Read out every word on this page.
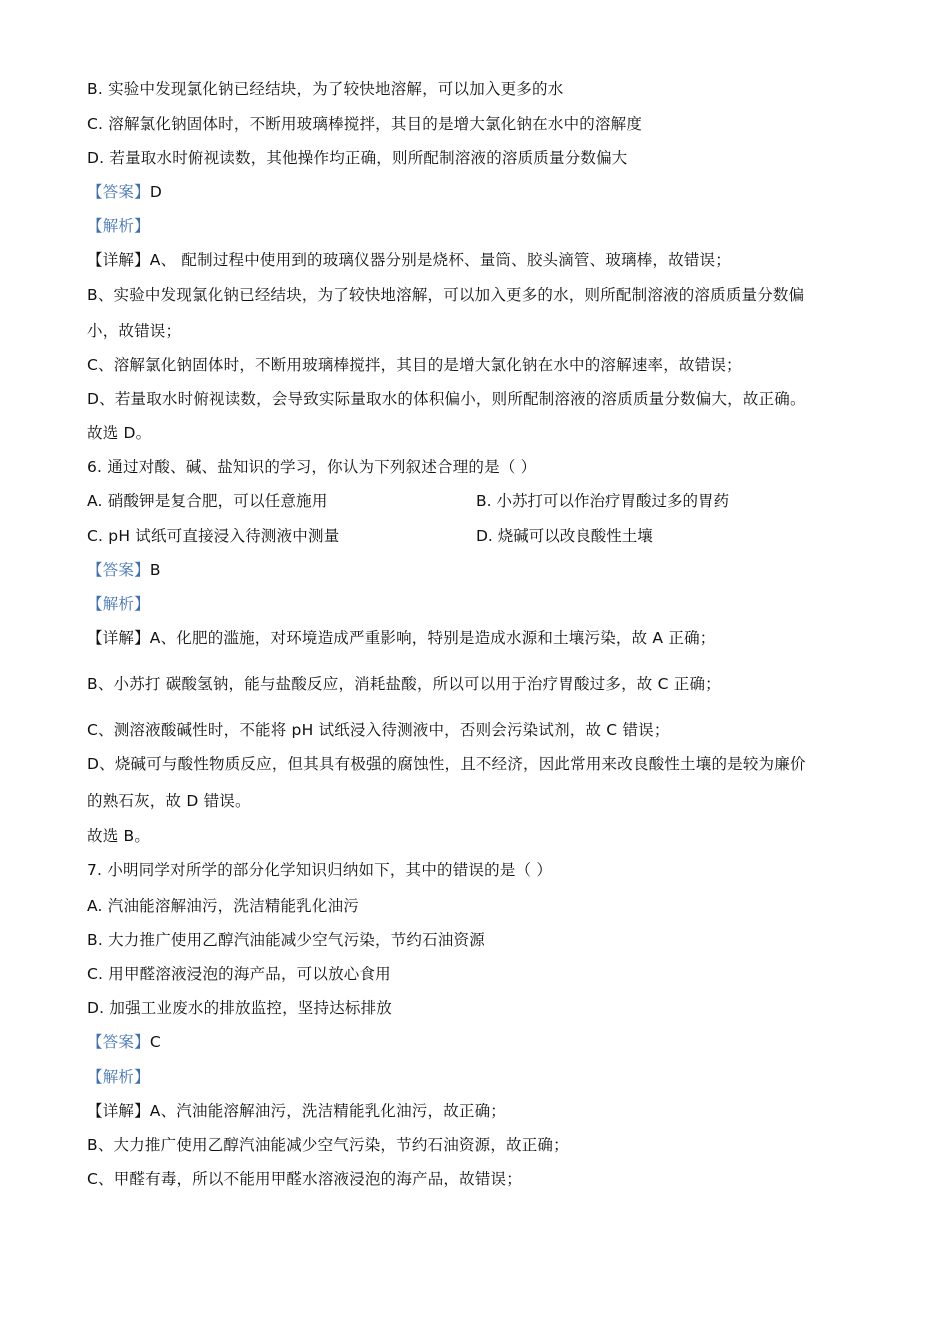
B. 实验中发现氯化钠已经结块，为了较快地溶解，可以加入更多的水
C. 溶解氯化钠固体时，不断用玻璃棒搅拌，其目的是增大氯化钠在水中的溶解度
D. 若量取水时俯视读数，其他操作均正确，则所配制溶液的溶质质量分数偏大
【答案】D
【解析】
【详解】A、 配制过程中使用到的玻璃仪器分别是烧杯、量筒、胶头滴管、玻璃棒，故错误；
B、实验中发现氯化钠已经结块，为了较快地溶解，可以加入更多的水，则所配制溶液的溶质质量分数偏
小，故错误；
C、溶解氯化钠固体时，不断用玻璃棒搅拌，其目的是增大氯化钠在水中的溶解速率，故错误；
D、若量取水时俯视读数，会导致实际量取水的体积偏小，则所配制溶液的溶质质量分数偏大，故正确。
故选 D。
6. 通过对酸、碱、盐知识的学习，你认为下列叙述合理的是（ ）
A. 硝酸钾是复合肥，可以任意施用	B. 小苏打可以作治疗胃酸过多的胃药
C. pH 试纸可直接浸入待测液中测量	D. 烧碱可以改良酸性土壤
【答案】B
【解析】
【详解】A、化肥的滥施，对环境造成严重影响，特别是造成水源和土壤污染，故 A 正确；
B、小苏打 碳酸氢钠，能与盐酸反应，消耗盐酸，所以可以用于治疗胃酸过多，故 C 正确；
C、测溶液酸碱性时，不能将 pH 试纸浸入待测液中，否则会污染试剂，故 C 错误；
D、烧碱可与酸性物质反应，但其具有极强的腐蚀性，且不经济，因此常用来改良酸性土壤的是较为廉价
的熟石灰，故 D 错误。
故选 B。
7. 小明同学对所学的部分化学知识归纳如下，其中的错误的是（ ）
A. 汽油能溶解油污，洗洁精能乳化油污
B. 大力推广使用乙醇汽油能减少空气污染，节约石油资源
C. 用甲醛溶液浸泡的海产品，可以放心食用
D. 加强工业废水的排放监控，坚持达标排放
【答案】C
【解析】
【详解】A、汽油能溶解油污，洗洁精能乳化油污，故正确；
B、大力推广使用乙醇汽油能减少空气污染，节约石油资源，故正确；
C、甲醛有毒，所以不能用甲醛水溶液浸泡的海产品，故错误；
